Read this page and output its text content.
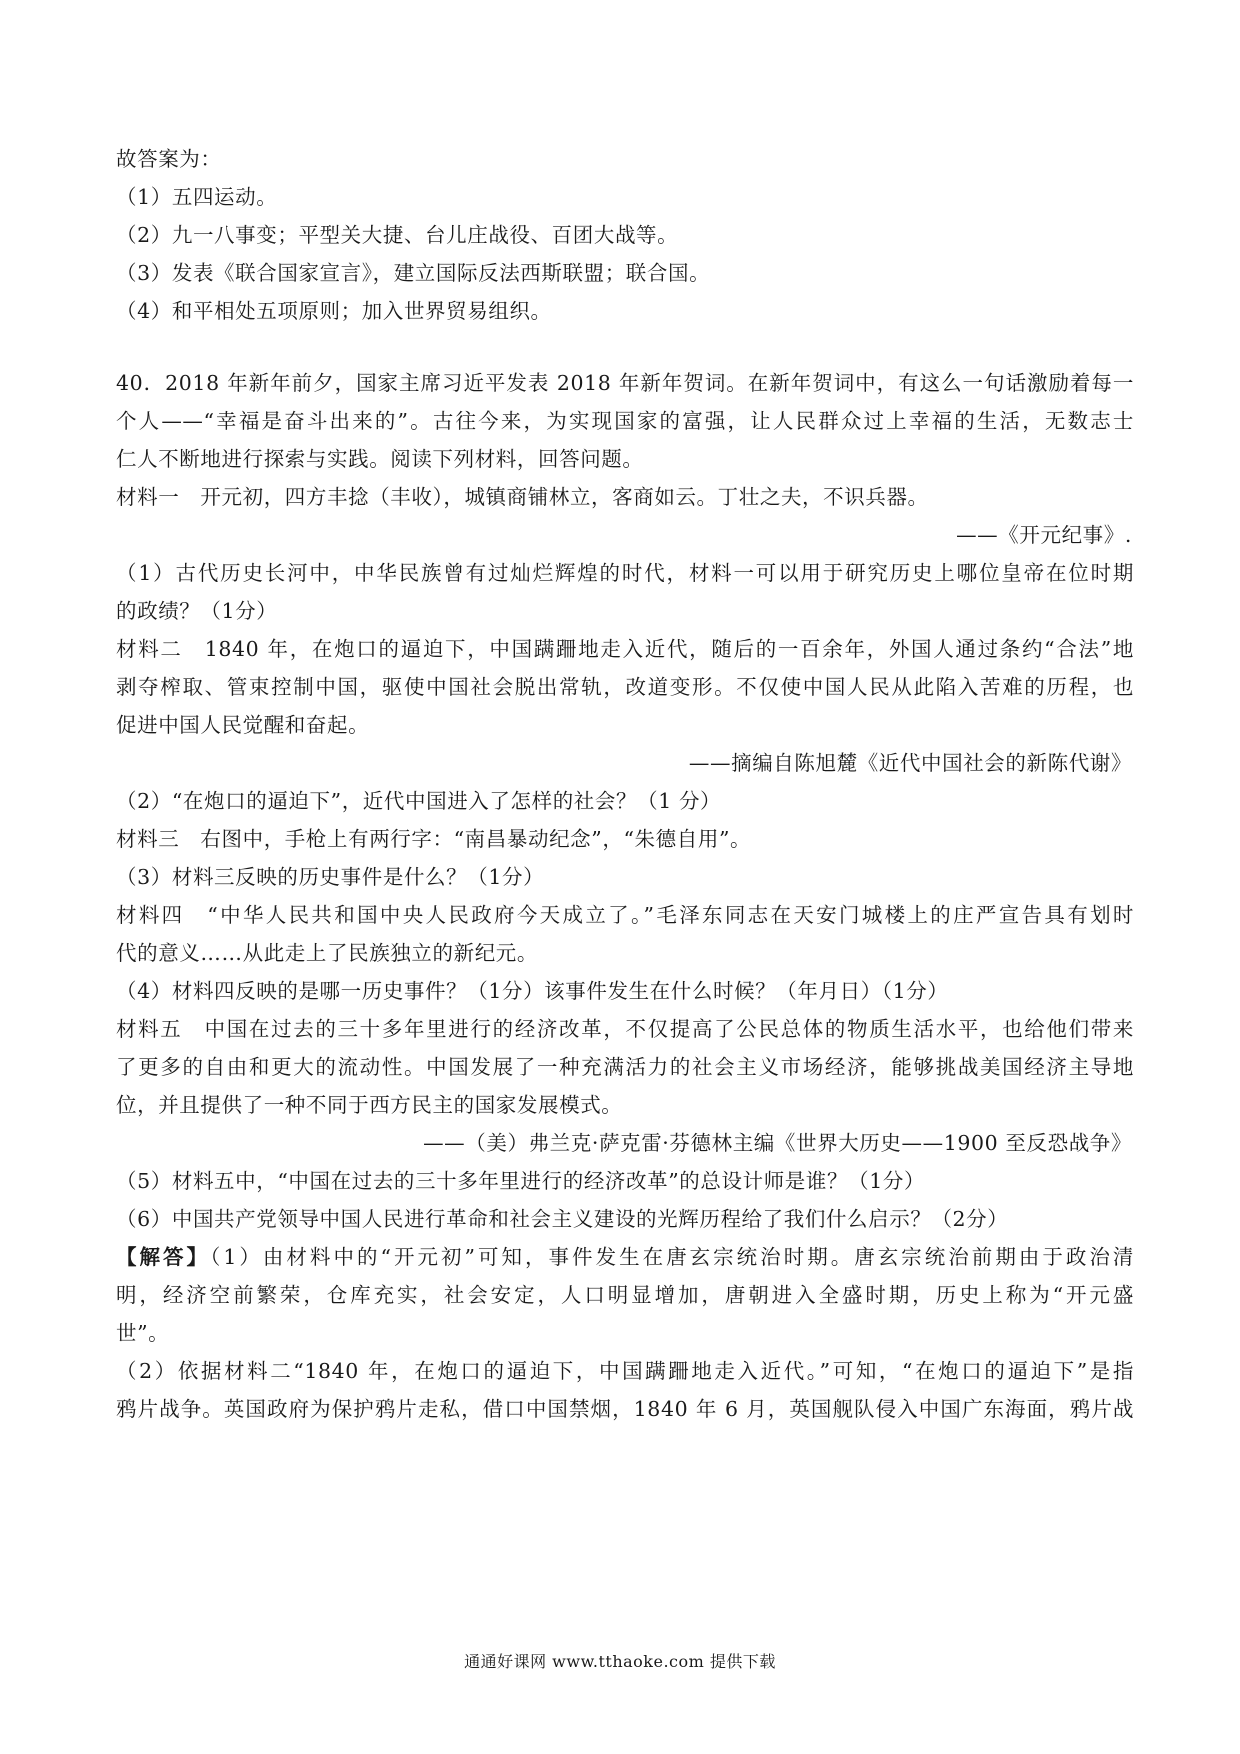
故答案为：
（1）五四运动。
（2）九一八事变；平型关大捷、台儿庄战役、百团大战等。
（3）发表《联合国家宣言》，建立国际反法西斯联盟；联合国。
（4）和平相处五项原则；加入世界贸易组织。
40．2018 年新年前夕，国家主席习近平发表 2018 年新年贺词。在新年贺词中，有这么一句话激励着每一
个人——“幸福是奋斗出来的”。古往今来，为实现国家的富强，让人民群众过上幸福的生活，无数志士
仁人不断地进行探索与实践。阅读下列材料，回答问题。
材料一　开元初，四方丰捻（丰收），城镇商铺林立，客商如云。丁壮之夫，不识兵器。
——《开元纪事》.
（1）古代历史长河中，中华民族曾有过灿烂辉煌的时代，材料一可以用于研究历史上哪位皇帝在位时期
的政绩？（1分）
材料二　1840 年，在炮口的逼迫下，中国蹒跚地走入近代，随后的一百余年，外国人通过条约“合法”地
剥夺榨取、管束控制中国，驱使中国社会脱出常轨，改道变形。不仅使中国人民从此陷入苦难的历程，也
促进中国人民觉醒和奋起。
——摘编自陈旭麓《近代中国社会的新陈代谢》
（2）“在炮口的逼迫下”，近代中国进入了怎样的社会？（1 分）
材料三　右图中，手枪上有两行字：“南昌暴动纪念”，“朱德自用”。
（3）材料三反映的历史事件是什么？（1分）
材料四　“中华人民共和国中央人民政府今天成立了。”毛泽东同志在天安门城楼上的庄严宣告具有划时
代的意义……从此走上了民族独立的新纪元。
（4）材料四反映的是哪一历史事件？（1分）该事件发生在什么时候？（年月日）（1分）
材料五　中国在过去的三十多年里进行的经济改革，不仅提高了公民总体的物质生活水平，也给他们带来
了更多的自由和更大的流动性。中国发展了一种充满活力的社会主义市场经济，能够挑战美国经济主导地
位，并且提供了一种不同于西方民主的国家发展模式。
——（美）弗兰克·萨克雷·芬德林主编《世界大历史——1900 至反恐战争》
（5）材料五中，“中国在过去的三十多年里进行的经济改革”的总设计师是谁？（1分）
（6）中国共产党领导中国人民进行革命和社会主义建设的光辉历程给了我们什么启示？（2分）
【解答】（1）由材料中的“开元初”可知，事件发生在唐玄宗统治时期。唐玄宗统治前期由于政治清
明，经济空前繁荣，仓库充实，社会安定，人口明显增加，唐朝进入全盛时期，历史上称为“开元盛
世”。
（2）依据材料二“1840 年，在炮口的逼迫下，中国蹒跚地走入近代。”可知，“在炮口的逼迫下”是指
鸦片战争。英国政府为保护鸦片走私，借口中国禁烟，1840 年 6 月，英国舰队侵入中国广东海面，鸦片战
通通好课网 www.tthaoke.com 提供下载
